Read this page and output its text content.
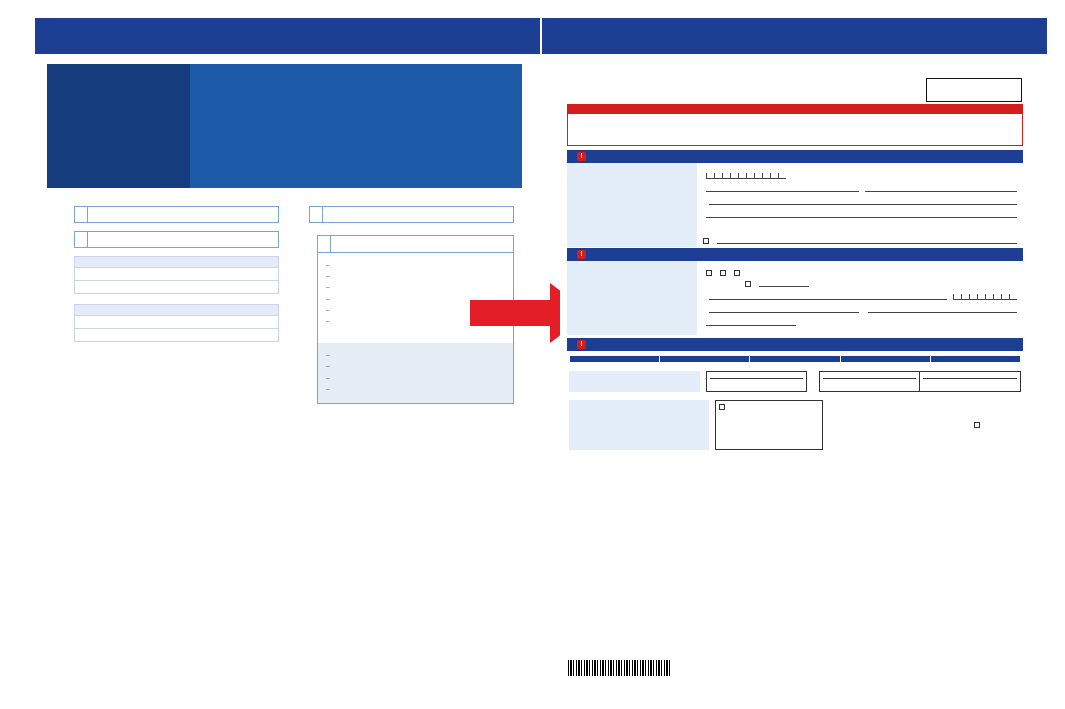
–
–
–
–
–
–

–
–
–
–

!
!

!
